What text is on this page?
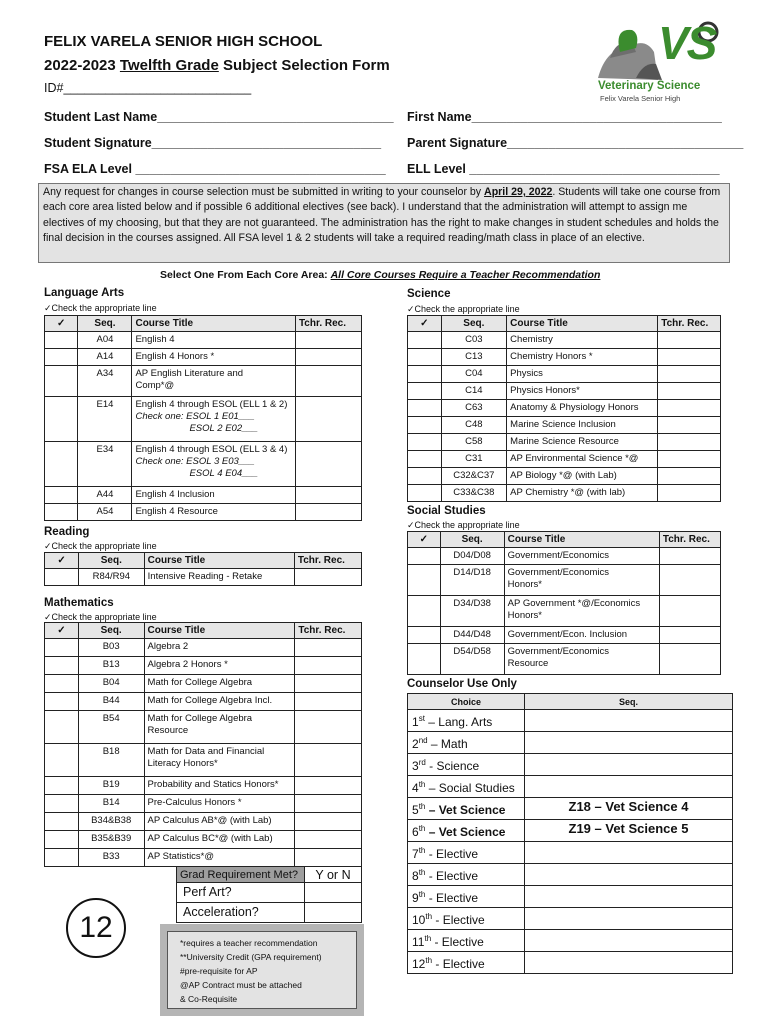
FELIX VARELA SENIOR HIGH SCHOOL
2022-2023 Twelfth Grade Subject Selection Form
ID#___________________________
VS
Veterinary Science
Felix Varela Senior High
Student Last Name__________________________________ First Name____________________________________
Student Signature_________________________________ Parent Signature__________________________________
FSA ELA Level ____________________________________ ELL Level ____________________________________
Any request for changes in course selection must be submitted in writing to your counselor by April 29, 2022. Students will take one course from each core area listed below and if possible 6 additional electives (see back). I understand that the administration will attempt to assign me electives of my choosing, but that they are not guaranteed. The administration has the right to make changes in student schedules and holds the final decision in the courses assigned. All FSA level 1 & 2 students will take a required reading/math class in place of an elective.
Select One From Each Core Area: All Core Courses Require a Teacher Recommendation
Language Arts
✓Check the appropriate line
✓	Seq.	Course Title	Tchr. Rec.
	A04	English 4	

	A14	English 4 Honors *	

	A34	AP English Literature and
Comp*@	

	E14	English 4 through ESOL (ELL 1 & 2)
Check one: ESOL 1 E01___
ESOL 2 E02___	

	E34	English 4 through ESOL (ELL 3 & 4)
Check one: ESOL 3 E03___
ESOL 4 E04___	

	A44	English 4 Inclusion	

	A54	English 4 Resource	

Reading
✓Check the appropriate line
✓	Seq.	Course Title	Tchr. Rec.
	R84/R94	Intensive Reading - Retake	

Mathematics
✓Check the appropriate line
✓	Seq.	Course Title	Tchr. Rec.
	B03	Algebra 2	

	B13	Algebra 2 Honors *	

	B04	Math for College Algebra	

	B44	Math for College Algebra Incl.	

	B54	Math for College Algebra
Resource	

	B18	Math for Data and Financial
Literacy Honors*	

	B19	Probability and Statics Honors*	

	B14	Pre-Calculus Honors *	

	B34&B38	AP Calculus AB*@ (with Lab)	

	B35&B39	AP Calculus BC*@ (with Lab)	

	B33	AP Statistics*@	

Science
✓Check the appropriate line
✓	Seq.	Course Title	Tchr. Rec.
	C03	Chemistry	

	C13	Chemistry Honors *	

	C04	Physics	

	C14	Physics Honors*	

	C63	Anatomy & Physiology Honors	

	C48	Marine Science Inclusion	

	C58	Marine Science Resource	

	C31	AP Environmental Science *@	

	C32&C37	AP Biology *@ (with Lab)	

	C33&C38	AP Chemistry *@ (with lab)	

Social Studies
✓Check the appropriate line
✓	Seq.	Course Title	Tchr. Rec.
	D04/D08	Government/Economics	

	D14/D18	Government/Economics
Honors*	

	D34/D38	AP Government *@/Economics
Honors*	

	D44/D48	Government/Econ. Inclusion	

	D54/D58	Government/Economics
Resource	

Counselor Use Only
Choice	Seq.
1st – Lang. Arts	
2nd – Math	
3rd - Science	
4th – Social Studies	
5th – Vet Science	Z18 – Vet Science 4
6th – Vet Science	Z19 – Vet Science 5
7th - Elective	
8th - Elective	
9th - Elective	
10th - Elective	
11th - Elective	
12th - Elective	
Grad Requirement Met?	Y or N
Perf Art?	
Acceleration?	
12	*requires a teacher recommendation
**University Credit (GPA requirement)
#pre-requisite for AP
@AP Contract must be attached
& Co-Requisite
